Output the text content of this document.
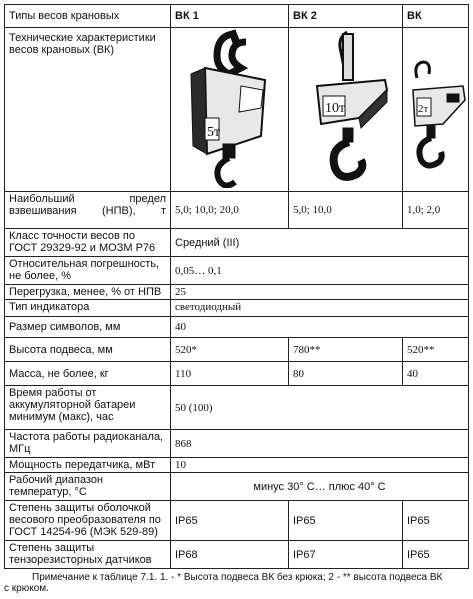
Типы весов крановых	ВК 1	ВК 2	ВК
Технические характеристики весов крановых (ВК)	5т	10т	2т

Наибольший предел взвешивания (НПВ), т	5,0; 10,0; 20,0	5,0; 10,0	1,0; 2,0
Класс точности весов по ГОСТ 29329-92 и МОЗМ Р76	Средний (III)		
Относительная погрешность, не более, %	0,05… 0,1		
Перегрузка, менее, % от НПВ	25		
Тип индикатора	светодиодный		
Размер символов, мм	40		
Высота подвеса, мм	520*	780**	520**
Масса, не более, кг	110	80	40
Время работы от аккумуляторной батареи минимум (макс), час	50 (100)		
Частота работы радиоканала, МГц	868		
Мощность передатчика, мВт	10		
Рабочий диапазон температур, °С	минус 30° С… плюс 40° С		
Степень защиты оболочкой весового преобразователя по ГОСТ 14254-96 (МЭК 529-89)	IP65	IP65	IP65
Степень защиты тензорезисторных датчиков	IP68	IP67	IP65
Примечание к таблице 7.1. 1. - * Высота подвеса ВК без крюка; 2 - ** высота подвеса ВК
с крюком.
